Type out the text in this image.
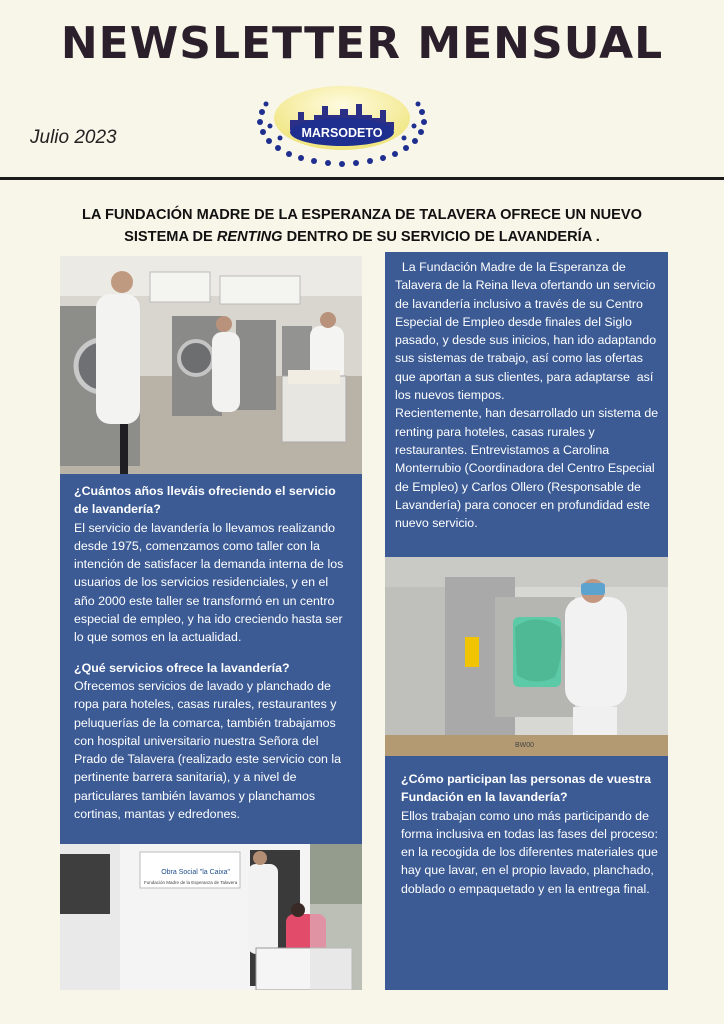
NEWSLETTER MENSUAL
Julio 2023	MARSODETO
LA FUNDACIÓN MADRE DE LA ESPERANZA DE TALAVERA OFRECE UN NUEVO
SISTEMA DE RENTING DENTRO DE SU SERVICIO DE LAVANDERÍA .

¿Cuántos años lleváis ofreciendo el servicio de lavandería?

El servicio de lavandería lo llevamos realizando desde 1975, comenzamos como taller con la intención de satisfacer la demanda interna de los usuarios de los servicios residenciales, y en el año 2000 este taller se transformó en un centro especial de empleo, y ha ido creciendo hasta ser lo que somos en la actualidad.

¿Qué servicios ofrece la lavandería?

Ofrecemos servicios de lavado y planchado de ropa para hoteles, casas rurales, restaurantes y peluquerías de la comarca, también trabajamos con hospital universitario nuestra Señora del Prado de Talavera (realizado este servicio con la pertinente barrera sanitaria), y a nivel de particulares también lavamos y planchamos cortinas, mantas y edredones.

Obra Social "la Caixa"
Fundación Madre de la Esperanza de Talavera

La Fundación Madre de la Esperanza de Talavera de la Reina lleva ofertando un servicio de lavandería inclusivo a través de su Centro Especial de Empleo desde finales del Siglo pasado, y desde sus inicios, han ido adaptando sus sistemas de trabajo, así como las ofertas que aportan a sus clientes, para adaptarse  así los nuevos tiempos.

Recientemente, han desarrollado un sistema de renting para hoteles, casas rurales y restaurantes. Entrevistamos a Carolina Monterrubio (Coordinadora del Centro Especial de Empleo) y Carlos Ollero (Responsable de Lavandería) para conocer en profundidad este nuevo servicio.

BW00

¿Cómo participan las personas de vuestra Fundación en la lavandería?

Ellos trabajan como uno más participando de forma inclusiva en todas las fases del proceso: en la recogida de los diferentes materiales que hay que lavar, en el propio lavado, planchado, doblado o empaquetado y en la entrega final.
